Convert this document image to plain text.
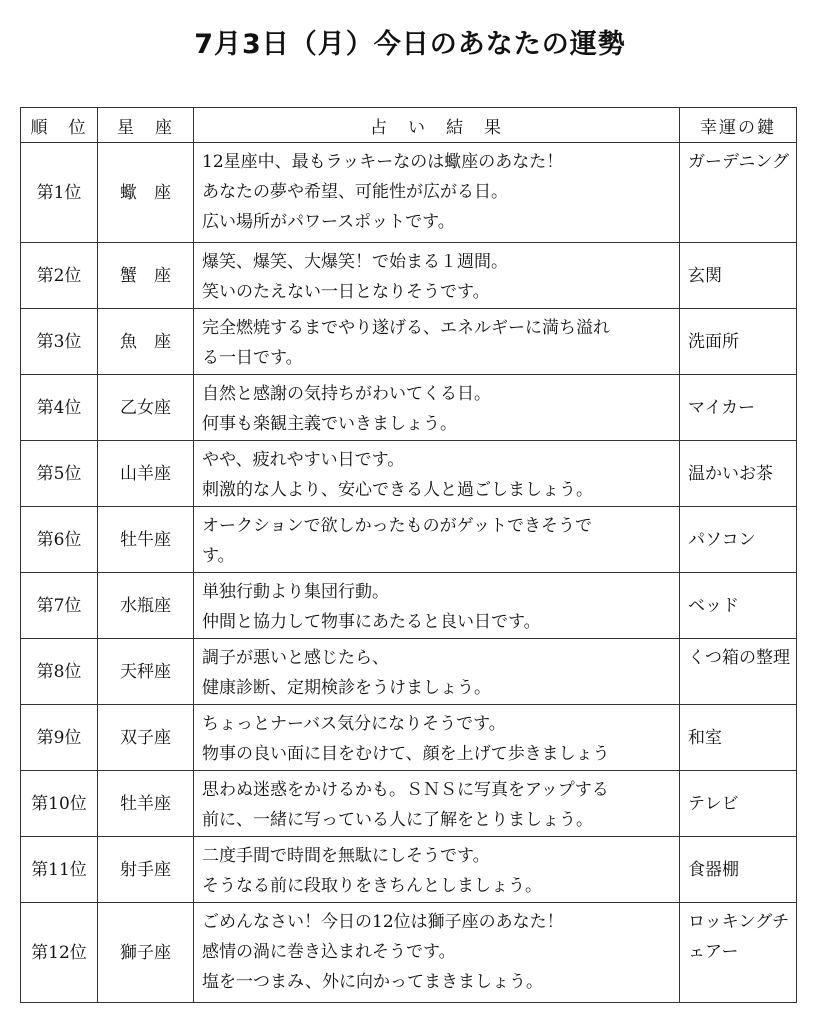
7月3日（月）今日のあなたの運勢
順　位	星　座	占　い　結　果	幸運の鍵
第1位	蠍　座	12星座中、最もラッキーなのは蠍座のあなた！
あなたの夢や希望、可能性が広がる日。
広い場所がパワースポットです。	ガーデニング

第2位	蟹　座	爆笑、爆笑、大爆笑！で始まる１週間。
笑いのたえない一日となりそうです。	玄関

第3位	魚　座	完全燃焼するまでやり遂げる、エネルギーに満ち溢れ
る一日です。	洗面所

第4位	乙女座	自然と感謝の気持ちがわいてくる日。
何事も楽観主義でいきましょう。	マイカー

第5位	山羊座	やや、疲れやすい日です。
刺激的な人より、安心できる人と過ごしましょう。	温かいお茶

第6位	牡牛座	オークションで欲しかったものがゲットできそうで
す。	パソコン

第7位	水瓶座	単独行動より集団行動。
仲間と協力して物事にあたると良い日です。	ベッド

第8位	天秤座	調子が悪いと感じたら、
健康診断、定期検診をうけましょう。	くつ箱の整理

第9位	双子座	ちょっとナーバス気分になりそうです。
物事の良い面に目をむけて、顔を上げて歩きましょう	和室

第10位	牡羊座	思わぬ迷惑をかけるかも。ＳＮＳに写真をアップする
前に、一緒に写っている人に了解をとりましょう。	テレビ

第11位	射手座	二度手間で時間を無駄にしそうです。
そうなる前に段取りをきちんとしましょう。	食器棚

第12位	獅子座	ごめんなさい！今日の12位は獅子座のあなた！
感情の渦に巻き込まれそうです。
塩を一つまみ、外に向かってまきましょう。	ロッキングチェアー
